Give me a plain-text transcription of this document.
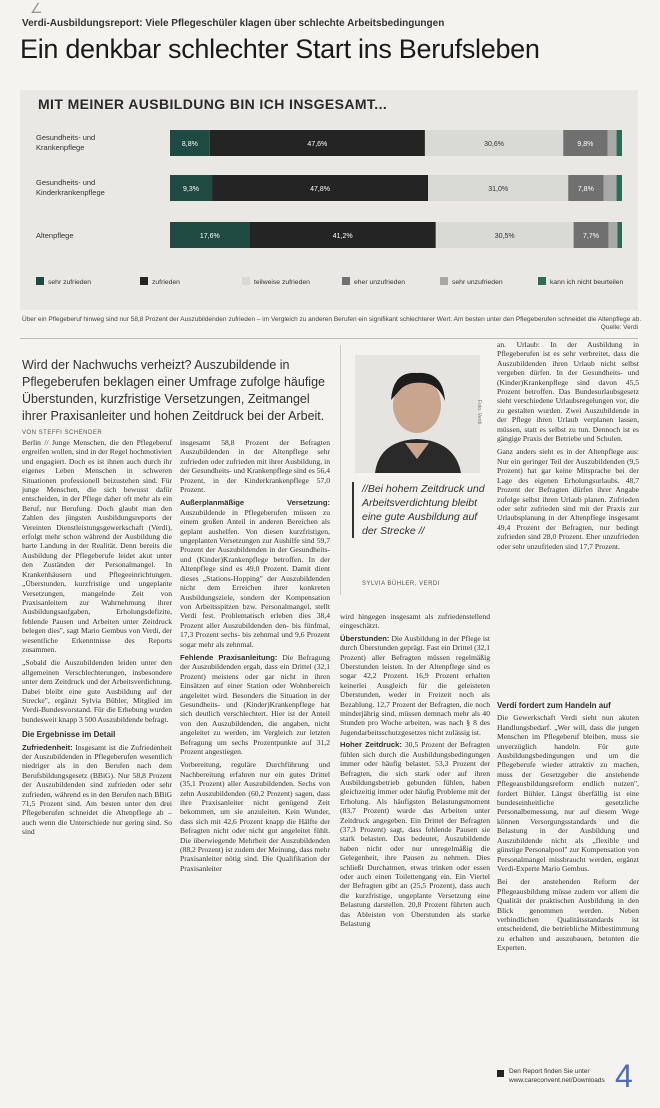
∠
Verdi-Ausbildungsreport: Viele Pflegeschüler klagen über schlechte Arbeitsbedingungen
Ein denkbar schlechter Start ins Berufsleben
MIT MEINER AUSBILDUNG BIN ICH INSGESAMT...
Gesundheits- und Krankenpflege	8,8%	47,6%	30,6%	9,8%
Gesundheits- und Kinderkrankenpflege	9,3%	47,8%	31,0%	7,8%
Altenpflege	17,6%	41,2%	30,5%	7,7%
sehr zufrieden	zufrieden	teilweise zufrieden	eher unzufrieden	sehr unzufrieden	kann ich nicht beurteilen
Über ein Pflegeberuf hinweg sind nur 58,8 Prozent der Auszubildenden zufrieden – im Vergleich zu anderen Berufen ein signifikant schlechterer Wert. Am besten unter den Pflegeberufen schneidet die Altenpflege ab.
Quelle: Verdi
Wird der Nachwuchs verheizt? Auszubildende in Pflegeberufen beklagen einer Umfrage zufolge häufige Überstunden, kurzfristige Versetzungen, Zeitmangel ihrer Praxisanleiter und hohen Zeitdruck bei der Arbeit.
VON STEFFI SCHENDER

Berlin // Junge Menschen, die den Pflegeberuf ergreifen wollen, sind in der Regel hochmotiviert und engagiert. Doch es ist ihnen auch durch ihr eigenes Leben Menschen in schweren Situationen professionell beizustehen sind. Für junge Menschen, die sich bewusst dafür entscheiden, in der Pflege daher oft mehr als ein Beruf, nur Berufung. Doch glaubt man den Zahlen des jüngsten Ausbildungsreports der Vereinten Dienstleistungsgewerkschaft (Verdi), erfolgt mehr schon während der Ausbildung die harte Landung in der Realität. Denn bereits die Ausbildung der Pflegeberufe leidet akut unter den Zuständen der Personalmangel. In Krankenhäusern und Pflegeeinrichtungen. „Überstunden, kurzfristige und ungeplante Versetzungen, mangelnde Zeit von Praxisanleitern zur Wahrnehmung ihrer Ausbildungsaufgaben, Erholungsdefizite, fehlende Pausen und Arbeiten unter Zeitdruck belegen dies", sagt Mario Gembus von Verdi, der wesentliche Erkenntnisse des Reports zusammen.

„Sobald die Auszubildenden leiden unter den allgemeinen Verschlechterungen, insbesondere unter dem Zeitdruck und der Arbeitsverdichtung. Dabei bleibt eine gute Ausbildung auf der Strecke", ergänzt Sylvia Bühler, Mitglied im Verdi-Bundesvorstand. Für die Erhebung wurden bundesweit knapp 3 500 Auszubildende befragt.

Die Ergebnisse im Detail

Zufriedenheit: Insgesamt ist die Zufriedenheit der Auszubildenden in Pflegeberufen wesentlich niedriger als in den Berufen nach dem Berufsbildungsgesetz (BBiG). Nur 58,8 Prozent der Auszubildenden sind zufrieden oder sehr zufrieden, während es in den Berufen nach BBiG 71,5 Prozent sind. Am besten unter den drei Pflegeberufen schneidet die Altenpflege ab – auch wenn die Unterschiede nur gering sind. So sind

insgesamt 58,8 Prozent der Befragten Auszubildenden in der Altenpflege sehr zufrieden oder zufrieden mit ihrer Ausbildung, in der Gesundheits- und Krankenpflege sind es 56,4 Prozent, in der Kinderkrankenpflege 57,0 Prozent.

Außerplanmäßige Versetzung: Auszubildende in Pflegeberufen müssen zu einem großen Anteil in anderen Bereichen als geplant aushelfen. Von diesen kurzfristigen, ungeplanten Versetzungen zur Aushilfe sind 59,7 Prozent der Auszubildenden in der Gesundheits- und (Kinder)Krankenpflege betroffen. In der Altenpflege sind es 49,0 Prozent. Damit dient dieses „Stations-Hopping" der Auszubildenden nicht dem Erreichen ihrer konkreten Ausbildungsziele, sondern der Kompensation von Arbeitsspitzen bzw. Personalmangel, stellt Verdi fest. Problematisch erleben dies 38,4 Prozent aller Auszubildenden den- bis fünfmal, 17,3 Prozent sechs- bis zehnmal und 9,6 Prozent sogar mehr als zehnmal.

Fehlende Praxisanleitung: Die Befragung der Auszubildenden ergab, dass ein Drittel (32,1 Prozent) meistens oder gar nicht in ihren Einsätzen auf einer Station oder Wohnbereich angeleitet wird. Besonders die Situation in der Gesundheits- und (Kinder)Krankenpflege hat sich deutlich verschlechtert. Hier ist der Anteil von den Auszubildenden, die angaben, nicht angeleitet zu werden, im Vergleich zur letzten Befragung um sechs Prozentpunkte auf 31,2 Prozent angestiegen.

Vorbereitung, reguläre Durchführung und Nachbereitung erfahren nur ein gutes Drittel (35,1 Prozent) aller Auszubildenden. Sechs von zehn Auszubildenden (60,2 Prozent) sagen, dass ihre Praxisanleiter nicht genügend Zeit bekommen, um sie anzuleiten. Kein Wunder, dass sich mit 42,6 Prozent knapp die Hälfte der Befragten nicht oder nicht gut angeleitet fühlt. Die überwiegende Mehrheit der Auszubildenden (88,2 Prozent) ist zudem der Meinung, dass mehr Praxisanleiter nötig sind. Die Qualifikation der Praxisanleiter

Foto: Verdi
//Bei hohem Zeitdruck und Arbeitsverdichtung bleibt eine gute Ausbildung auf der Strecke //
SYLVIA BÜHLER, VERDI

wird hingegen insgesamt als zufriedenstellend eingeschätzt.

Überstunden: Die Ausbildung in der Pflege ist durch Überstunden geprägt. Fast ein Drittel (32,1 Prozent) aller Befragten müssen regelmäßig Überstunden leisten. In der Altenpflege sind es sogar 42,2 Prozent. 16,9 Prozent erhalten keinerlei Ausgleich für die geleisteten Überstunden, weder in Freizeit noch als Bezahlung. 12,7 Prozent der Befragten, die noch minderjährig sind, müssen demnach mehr als 40 Stunden pro Woche arbeiten, was nach § 8 des Jugendarbeitsschutzgesetzes nicht zulässig ist.

Hoher Zeitdruck: 30,5 Prozent der Befragten fühlen sich durch die Ausbildungsbedingungen immer oder häufig belastet. 53,3 Prozent der Befragten, die sich stark oder auf ihren Ausbildungsbetrieb gebunden fühlen, haben gleichzeitig immer oder häufig Probleme mit der Erholung. Als häufigsten Belastungsmoment (83,7 Prozent) wurde das Arbeiten unter Zeitdruck angegeben. Ein Drittel der Befragten (37,3 Prozent) sagt, dass fehlende Pausen sie stark belasten. Das bedeutet, Auszubildende haben nicht oder nur unregelmäßig die Gelegenheit, ihre Pausen zu nehmen. Dies schließt Durchatmen, etwas trinken oder essen oder auch einen Toilettengang ein. Ein Viertel der Befragten gibt an (25,5 Prozent), dass auch die kurzfristige, ungeplante Versetzung eine Belastung darstellen. 20,8 Prozent führten auch das Ableisten von Überstunden als starke Belastung

an. Urlaub: In der Ausbildung in Pflegeberufen ist es sehr verbreitet, dass die Auszubildenden ihren Urlaub nicht selbst vergeben dürfen. In der Gesundheits- und (Kinder)Krankenpflege sind davon 45,5 Prozent betroffen. Das Bundesurlaubsgesetz sieht verschiedene Urlaubsregelungen vor, die zu gestalten wurden. Zwei Auszubildende in der Pflege ihren Urlaub verplanen lassen, müssen, statt es selbst zu tun. Dennoch ist es gängige Praxis der Betriebe und Schulen.

Ganz anders sieht es in der Altenpflege aus: Nur ein geringer Teil der Auszubildenden (9,5 Prozent) hat gar keine Mitsprache bei der Lage des eigenen Erholungsurlaubs. 48,7 Prozent der Befragten dürfen ihrer Angabe zufolge selbst ihren Urlaub planen. Zufrieden oder sehr zufrieden sind mit der Praxis zur Urlaubsplanung in der Altenpflege insgesamt 49,4 Prozent der Befragten, nur bedingt zufrieden sind 28,0 Prozent. Eher unzufrieden oder sehr unzufrieden sind 17,7 Prozent.

Verdi fordert zum Handeln auf

Die Gewerkschaft Verdi sieht nun akuten Handlungsbedarf. „Wer will, dass die jungen Menschen im Pflegeberuf bleiben, muss sie unverzüglich handeln. Für gute Ausbildungsbedingungen und um die Pflegeberufe wieder attraktiv zu machen, muss der Gesetzgeber die anstehende Pflegeausbildungsreform endlich nutzen", fordert Bühler. Längst überfällig ist eine bundeseinheitliche gesetzliche Personalbemessung, nur auf diesem Wege können Versorgungsstandards und die Belastung in der Ausbildung und Auszubildende nicht als „flexible und günstige Personalpool" zur Kompensation von Personalmangel missbraucht werden, ergänzt Verdi-Experte Mario Gembus.

Bei der anstehenden Reform der Pflegeausbildung müsse zudem vor allem die Qualität der praktischen Ausbildung in den Blick genommen werden. Neben verbindlichen Qualitätsstandards ist entscheidend, die betriebliche Mitbestimmung zu erhalten und auszubauen, betonten die Experten.

Den Report finden Sie unter www.careconvent.net/Downloads 4
